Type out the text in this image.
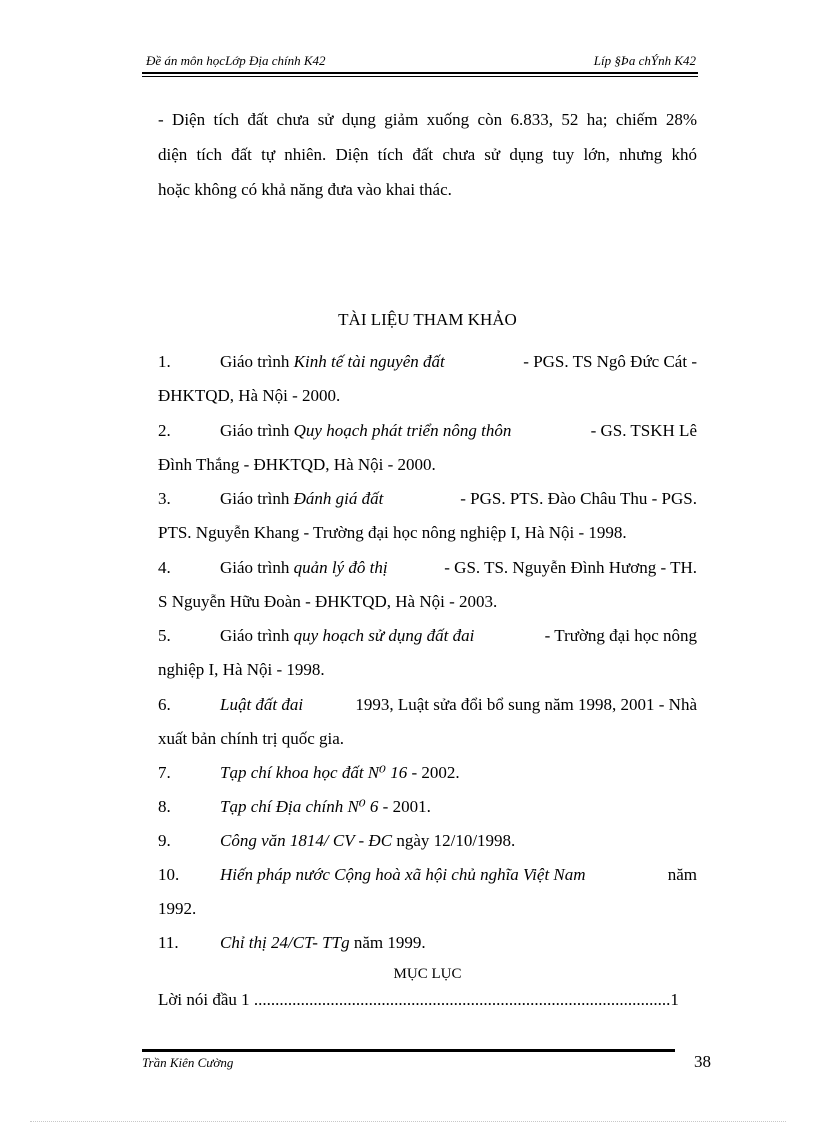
Đề án môn họcLớp Địa chính K42	Líp §Þa chÝnh K42
- Diện tích đất chưa sử dụng giảm xuống còn 6.833, 52 ha; chiếm 28%
diện tích đất tự nhiên. Diện tích đất chưa sử dụng tuy lớn, nhưng khó
hoặc không có khả năng đưa vào khai thác.
TÀI LIỆU THAM KHẢO
1.	Giáo trình Kinh tế tài nguyên đất	- PGS. TS Ngô Đức Cát -
ĐHKTQD, Hà Nội - 2000.
2.	Giáo trình Quy hoạch phát triển nông thôn	- GS. TSKH Lê
Đình Thắng - ĐHKTQD, Hà Nội - 2000.
3.	Giáo trình Đánh giá đất	- PGS. PTS. Đào Châu Thu - PGS.
PTS. Nguyễn Khang - Trường đại học nông nghiệp I, Hà Nội - 1998.
4.	Giáo trình quản lý đô thị	- GS. TS. Nguyễn Đình Hương - TH.
S Nguyễn Hữu Đoàn - ĐHKTQD, Hà Nội - 2003.
5.	Giáo trình quy hoạch sử dụng đất đai	- Trường đại học nông
nghiệp I, Hà Nội - 1998.
6.	Luật đất đai	1993, Luật sửa đổi bổ sung năm 1998, 2001 - Nhà
xuất bản chính trị quốc gia.
7.	Tạp chí khoa học đất N⁰ 16 - 2002.
8.	Tạp chí Địa chính N⁰ 6 - 2001.
9.	Công văn 1814/ CV - ĐC ngày 12/10/1998.
10.	Hiến pháp nước Cộng hoà xã hội chủ nghĩa Việt Nam	năm
1992.
11.	Chỉ thị 24/CT- TTg năm 1999.
MỤC LỤC
Lời nói đầu 1 ..................................................................................................1
Trần Kiên Cường	38
